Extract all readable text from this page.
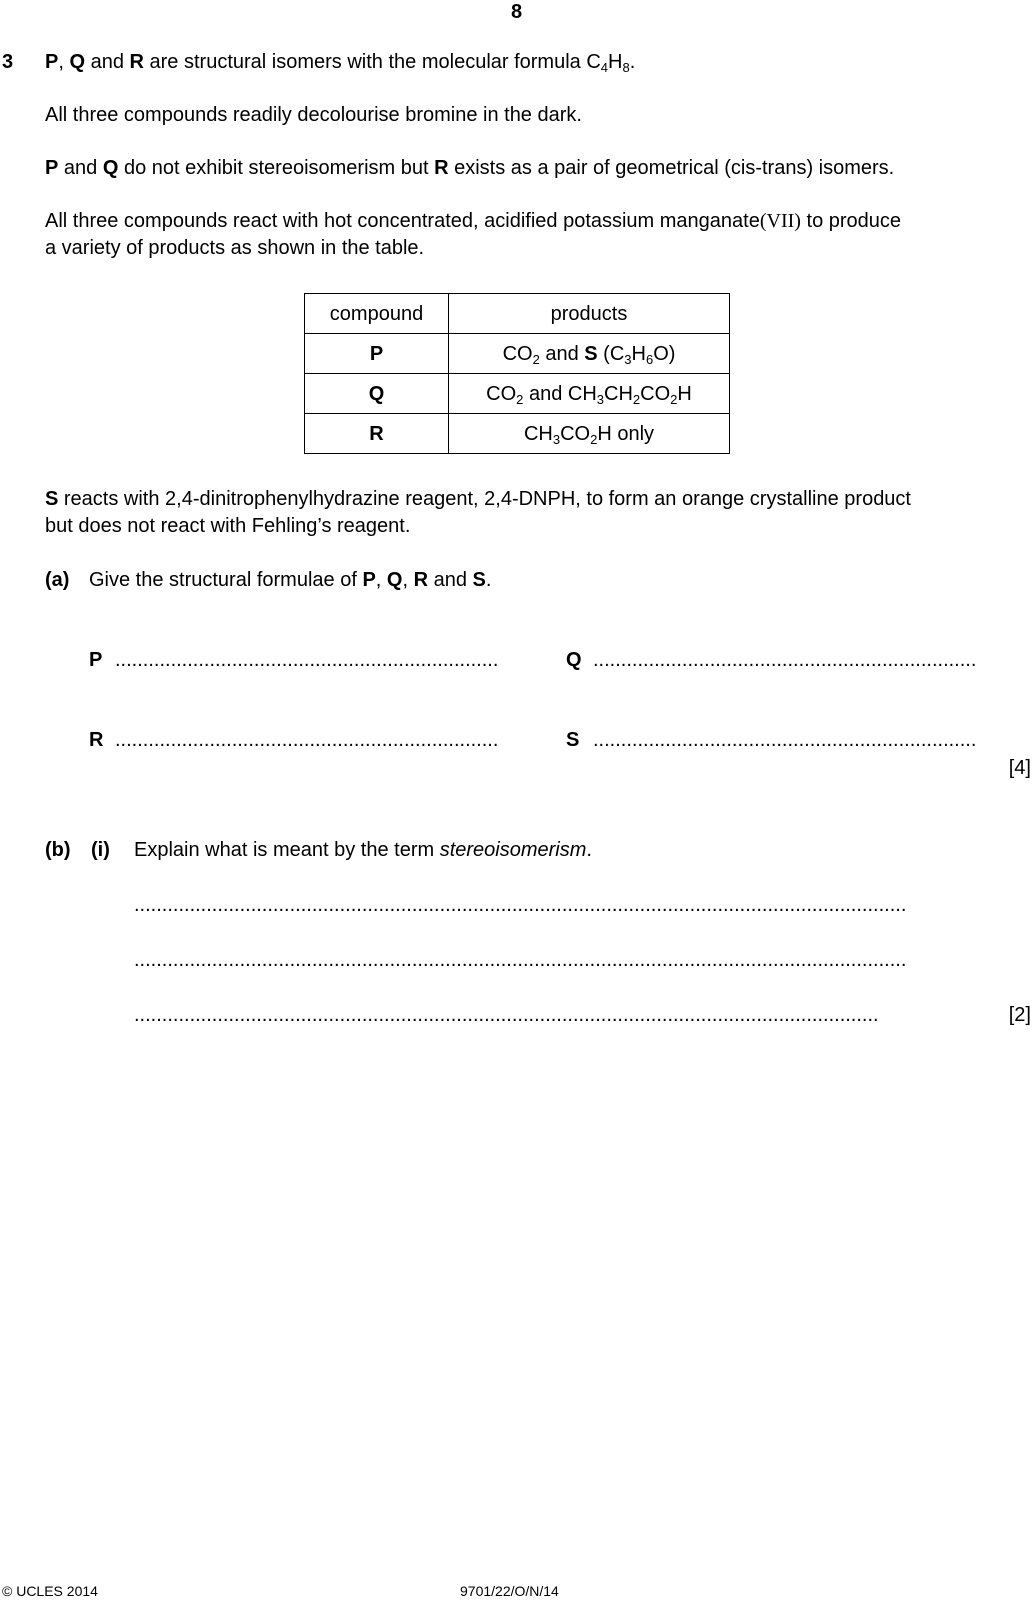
8
3 P, Q and R are structural isomers with the molecular formula $C_4H_8$.
All three compounds readily decolourise bromine in the dark.
P and Q do not exhibit stereoisomerism but R exists as a pair of geometrical (cis-trans) isomers.
All three compounds react with hot concentrated, acidified potassium manganate(VII) to produce
a variety of products as shown in the table.
compound	products
P	$CO_2$ and S $(C_3H_6O)$
Q	$CO_2$ and $CH_3CH_2CO_2H$
R	$CH_3CO_2H$ only
S reacts with 2,4-dinitrophenylhydrazine reagent, 2,4-DNPH, to form an orange crystalline product
but does not react with Fehling’s reagent.
(a) Give the structural formulae of P, Q, R and S.
P .....................................................................	Q .....................................................................
R .....................................................................	S .....................................................................
[4]
(b) (i) Explain what is meant by the term stereoisomerism.
...........................................................................................................................................
...........................................................................................................................................
......................................................................................................................................	[2]
© UCLES 2014	9701/22/O/N/14
